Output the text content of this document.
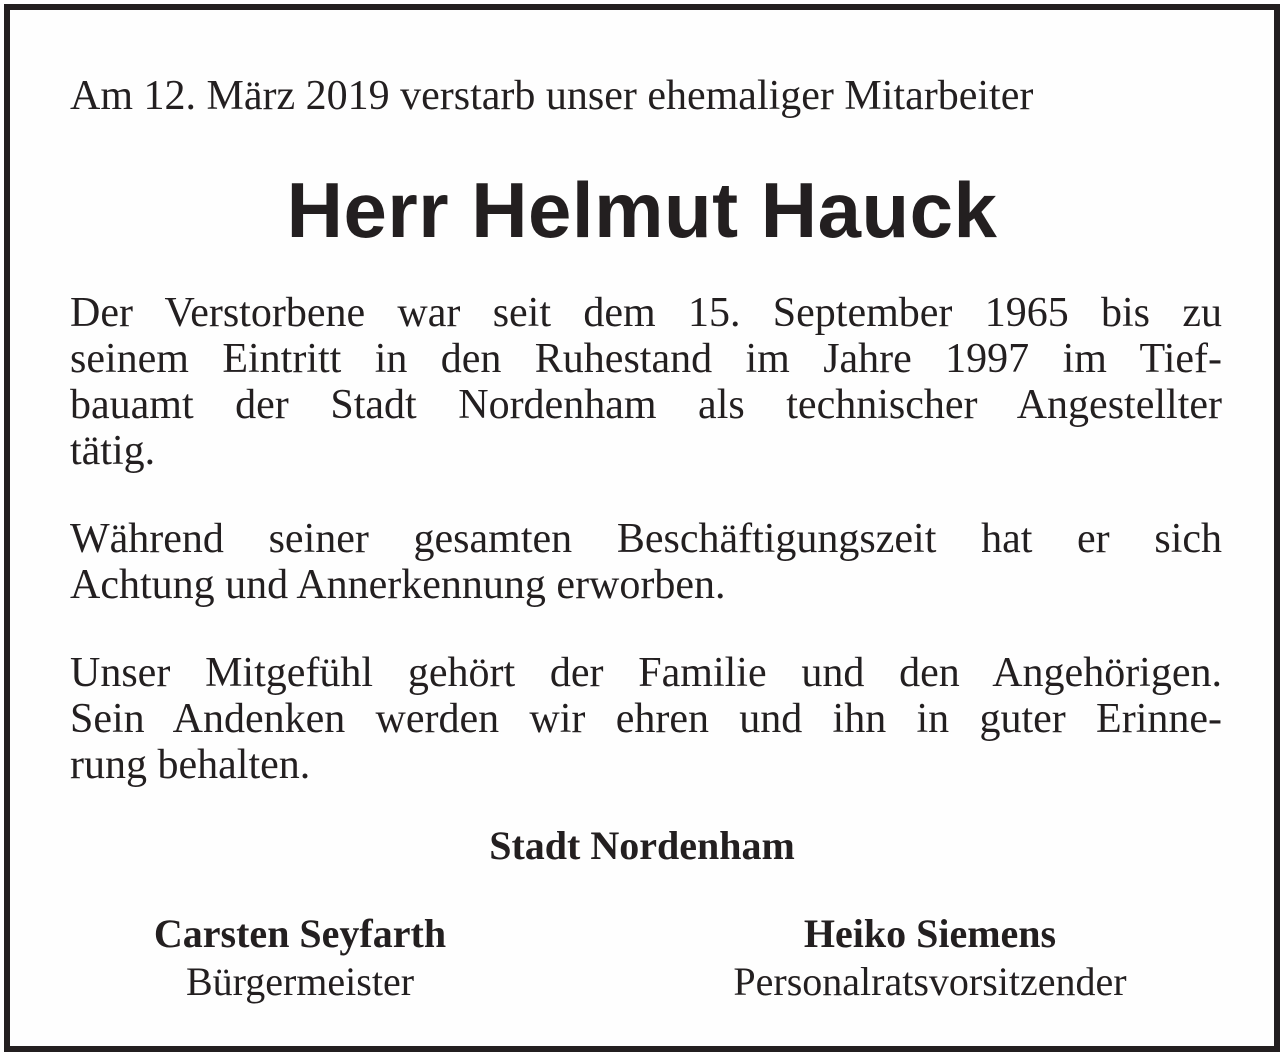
Am 12. März 2019 verstarb unser ehemaliger Mitarbeiter
Herr Helmut Hauck
Der Verstorbene war seit dem 15. September 1965 bis zu
seinem Eintritt in den Ruhestand im Jahre 1997 im Tief-
bauamt der Stadt Nordenham als technischer Angestellter
tätig.
Während seiner gesamten Beschäftigungszeit hat er sich
Achtung und Annerkennung erworben.
Unser Mitgefühl gehört der Familie und den Angehörigen.
Sein Andenken werden wir ehren und ihn in guter Erinne-
rung behalten.
Stadt Nordenham
Carsten Seyfarth
Bürgermeister
Heiko Siemens
Personalratsvorsitzender
